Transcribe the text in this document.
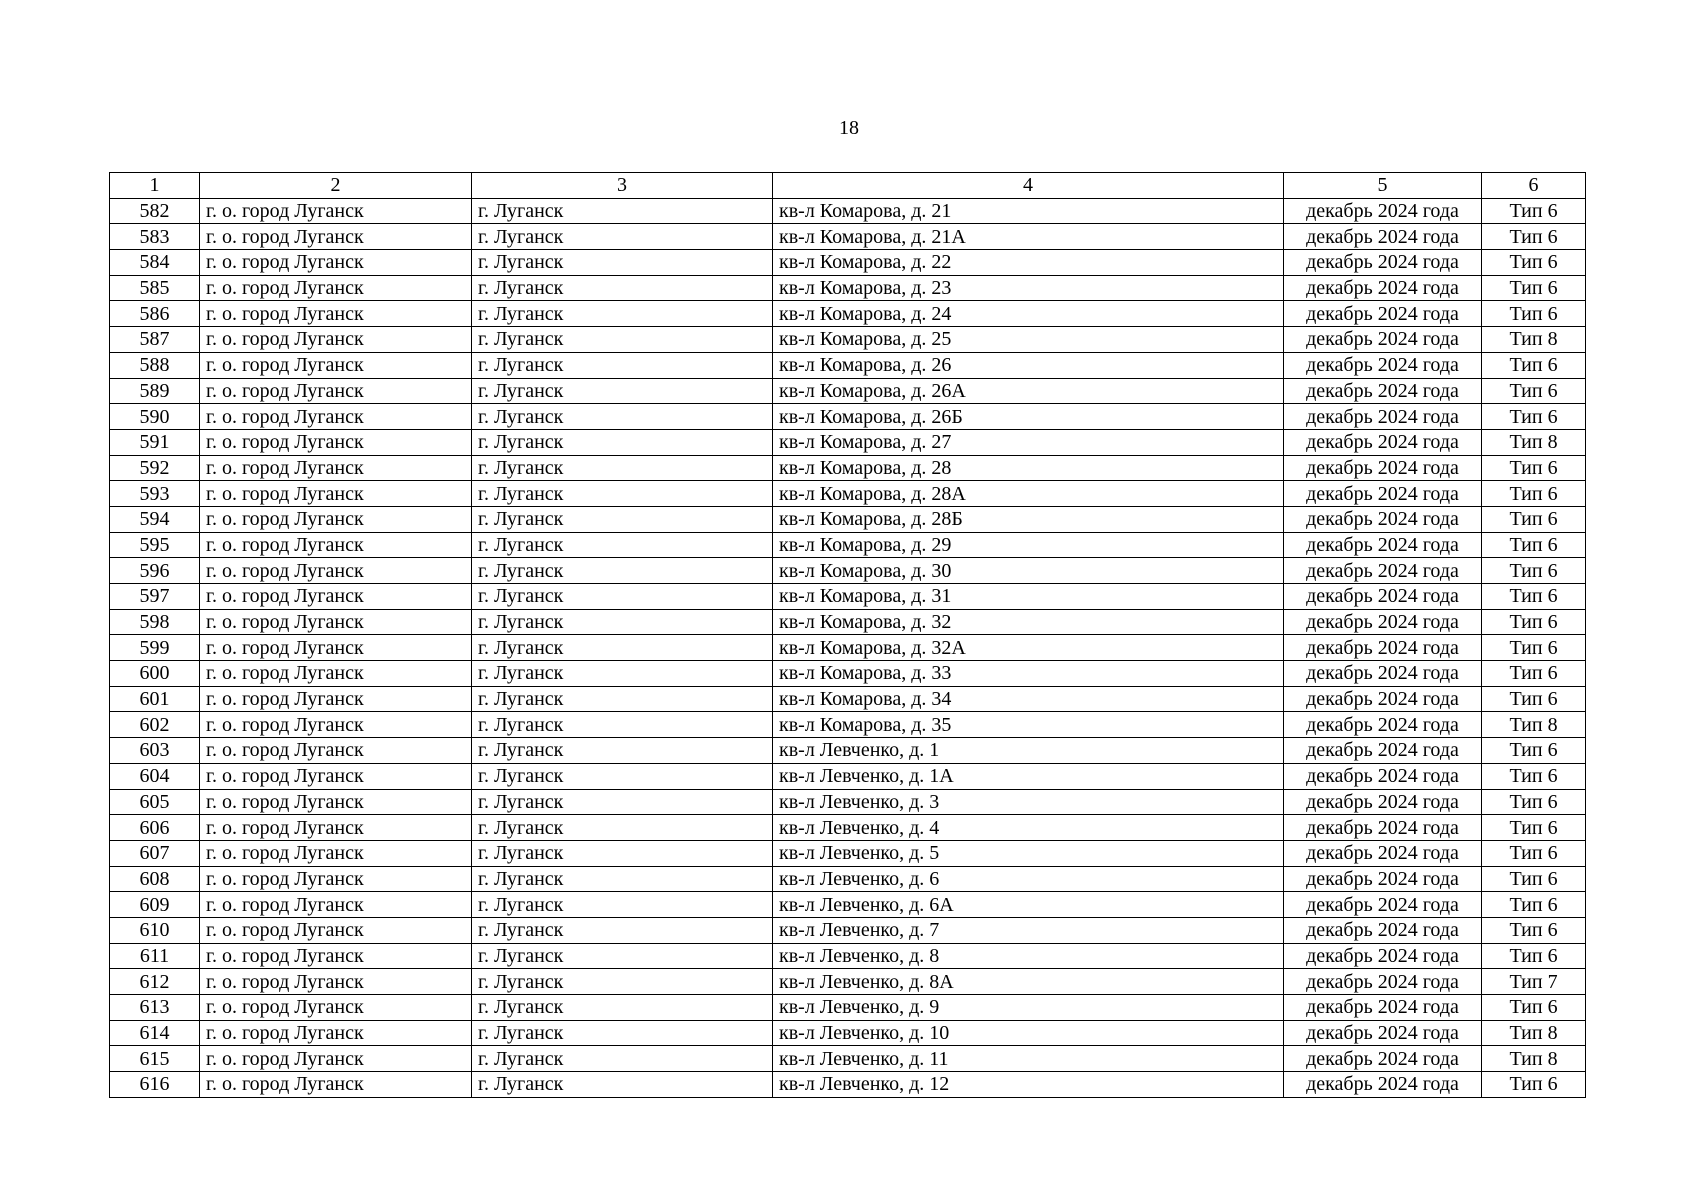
18
1	2	3	4	5	6
582	г. о. город Луганск	г. Луганск	кв-л Комарова, д. 21	декабрь 2024 года	Тип 6
583	г. о. город Луганск	г. Луганск	кв-л Комарова, д. 21А	декабрь 2024 года	Тип 6
584	г. о. город Луганск	г. Луганск	кв-л Комарова, д. 22	декабрь 2024 года	Тип 6
585	г. о. город Луганск	г. Луганск	кв-л Комарова, д. 23	декабрь 2024 года	Тип 6
586	г. о. город Луганск	г. Луганск	кв-л Комарова, д. 24	декабрь 2024 года	Тип 6
587	г. о. город Луганск	г. Луганск	кв-л Комарова, д. 25	декабрь 2024 года	Тип 8
588	г. о. город Луганск	г. Луганск	кв-л Комарова, д. 26	декабрь 2024 года	Тип 6
589	г. о. город Луганск	г. Луганск	кв-л Комарова, д. 26А	декабрь 2024 года	Тип 6
590	г. о. город Луганск	г. Луганск	кв-л Комарова, д. 26Б	декабрь 2024 года	Тип 6
591	г. о. город Луганск	г. Луганск	кв-л Комарова, д. 27	декабрь 2024 года	Тип 8
592	г. о. город Луганск	г. Луганск	кв-л Комарова, д. 28	декабрь 2024 года	Тип 6
593	г. о. город Луганск	г. Луганск	кв-л Комарова, д. 28А	декабрь 2024 года	Тип 6
594	г. о. город Луганск	г. Луганск	кв-л Комарова, д. 28Б	декабрь 2024 года	Тип 6
595	г. о. город Луганск	г. Луганск	кв-л Комарова, д. 29	декабрь 2024 года	Тип 6
596	г. о. город Луганск	г. Луганск	кв-л Комарова, д. 30	декабрь 2024 года	Тип 6
597	г. о. город Луганск	г. Луганск	кв-л Комарова, д. 31	декабрь 2024 года	Тип 6
598	г. о. город Луганск	г. Луганск	кв-л Комарова, д. 32	декабрь 2024 года	Тип 6
599	г. о. город Луганск	г. Луганск	кв-л Комарова, д. 32А	декабрь 2024 года	Тип 6
600	г. о. город Луганск	г. Луганск	кв-л Комарова, д. 33	декабрь 2024 года	Тип 6
601	г. о. город Луганск	г. Луганск	кв-л Комарова, д. 34	декабрь 2024 года	Тип 6
602	г. о. город Луганск	г. Луганск	кв-л Комарова, д. 35	декабрь 2024 года	Тип 8
603	г. о. город Луганск	г. Луганск	кв-л Левченко, д. 1	декабрь 2024 года	Тип 6
604	г. о. город Луганск	г. Луганск	кв-л Левченко, д. 1А	декабрь 2024 года	Тип 6
605	г. о. город Луганск	г. Луганск	кв-л Левченко, д. 3	декабрь 2024 года	Тип 6
606	г. о. город Луганск	г. Луганск	кв-л Левченко, д. 4	декабрь 2024 года	Тип 6
607	г. о. город Луганск	г. Луганск	кв-л Левченко, д. 5	декабрь 2024 года	Тип 6
608	г. о. город Луганск	г. Луганск	кв-л Левченко, д. 6	декабрь 2024 года	Тип 6
609	г. о. город Луганск	г. Луганск	кв-л Левченко, д. 6А	декабрь 2024 года	Тип 6
610	г. о. город Луганск	г. Луганск	кв-л Левченко, д. 7	декабрь 2024 года	Тип 6
611	г. о. город Луганск	г. Луганск	кв-л Левченко, д. 8	декабрь 2024 года	Тип 6
612	г. о. город Луганск	г. Луганск	кв-л Левченко, д. 8А	декабрь 2024 года	Тип 7
613	г. о. город Луганск	г. Луганск	кв-л Левченко, д. 9	декабрь 2024 года	Тип 6
614	г. о. город Луганск	г. Луганск	кв-л Левченко, д. 10	декабрь 2024 года	Тип 8
615	г. о. город Луганск	г. Луганск	кв-л Левченко, д. 11	декабрь 2024 года	Тип 8
616	г. о. город Луганск	г. Луганск	кв-л Левченко, д. 12	декабрь 2024 года	Тип 6
